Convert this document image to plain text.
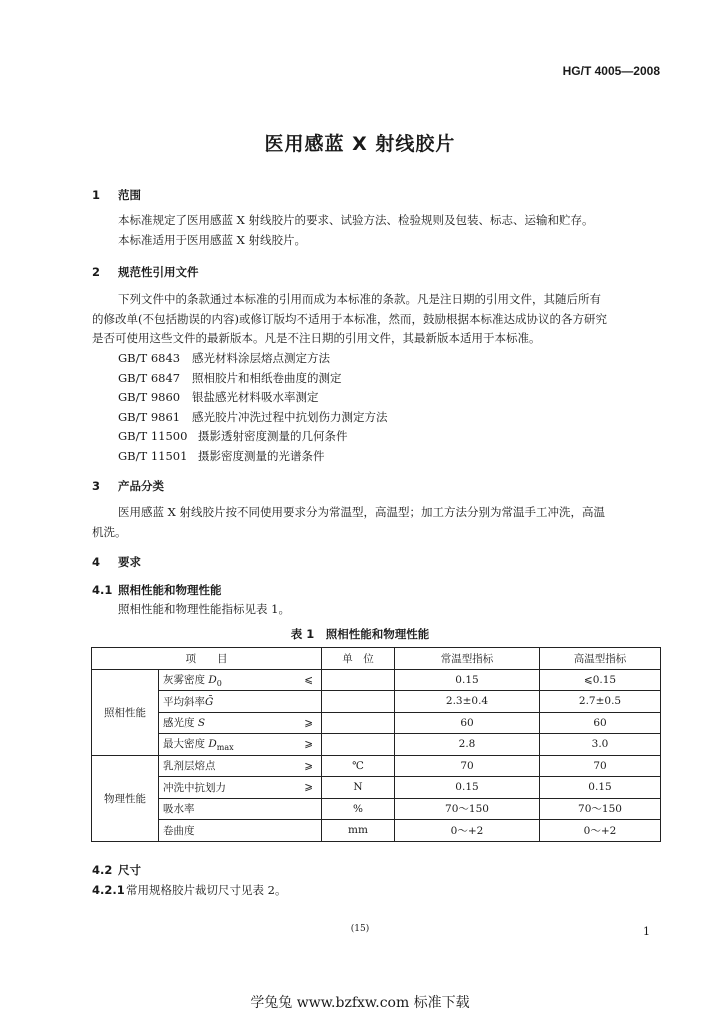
HG/T 4005—2008
医用感蓝 X 射线胶片
1 范围

本标准规定了医用感蓝 X 射线胶片的要求、试验方法、检验规则及包装、标志、运输和贮存。

本标准适用于医用感蓝 X 射线胶片。

2 规范性引用文件

下列文件中的条款通过本标准的引用而成为本标准的条款。凡是注日期的引用文件，其随后所有

的修改单(不包括勘误的内容)或修订版均不适用于本标准，然而，鼓励根据本标准达成协议的各方研究

是否可使用这些文件的最新版本。凡是不注日期的引用文件，其最新版本适用于本标准。

GB/T 6843 感光材料涂层熔点测定方法
GB/T 6847 照相胶片和相纸卷曲度的测定
GB/T 9860 银盐感光材料吸水率测定
GB/T 9861 感光胶片冲洗过程中抗划伤力测定方法
GB/T 11500 摄影透射密度测量的几何条件
GB/T 11501 摄影密度测量的光谱条件
3 产品分类

医用感蓝 X 射线胶片按不同使用要求分为常温型，高温型；加工方法分别为常温手工冲洗，高温

机洗。

4 要求
4.1 照相性能和物理性能

照相性能和物理性能指标见表 1。

表 1　照相性能和物理性能
项　　目			单　位	常温型指标	高温型指标
照相性能	灰雾密度 $D_0$	⩽		0.15	⩽0.15
	平均斜率Ḡ			2.3±0.4	2.7±0.5
	感光度 S	⩾		60	60
	最大密度 $D_{max}$	⩾		2.8	3.0
物理性能	乳剂层熔点	⩾	℃	70	70
	冲洗中抗划力	⩾	N	0.15	0.15
	吸水率		%	70～150	70～150
	卷曲度		mm	0～+2	0～+2
4.2 尺寸
4.2.1常用规格胶片裁切尺寸见表 2。
(15)	1
学兔兔 www.bzfxw.com 标准下载
